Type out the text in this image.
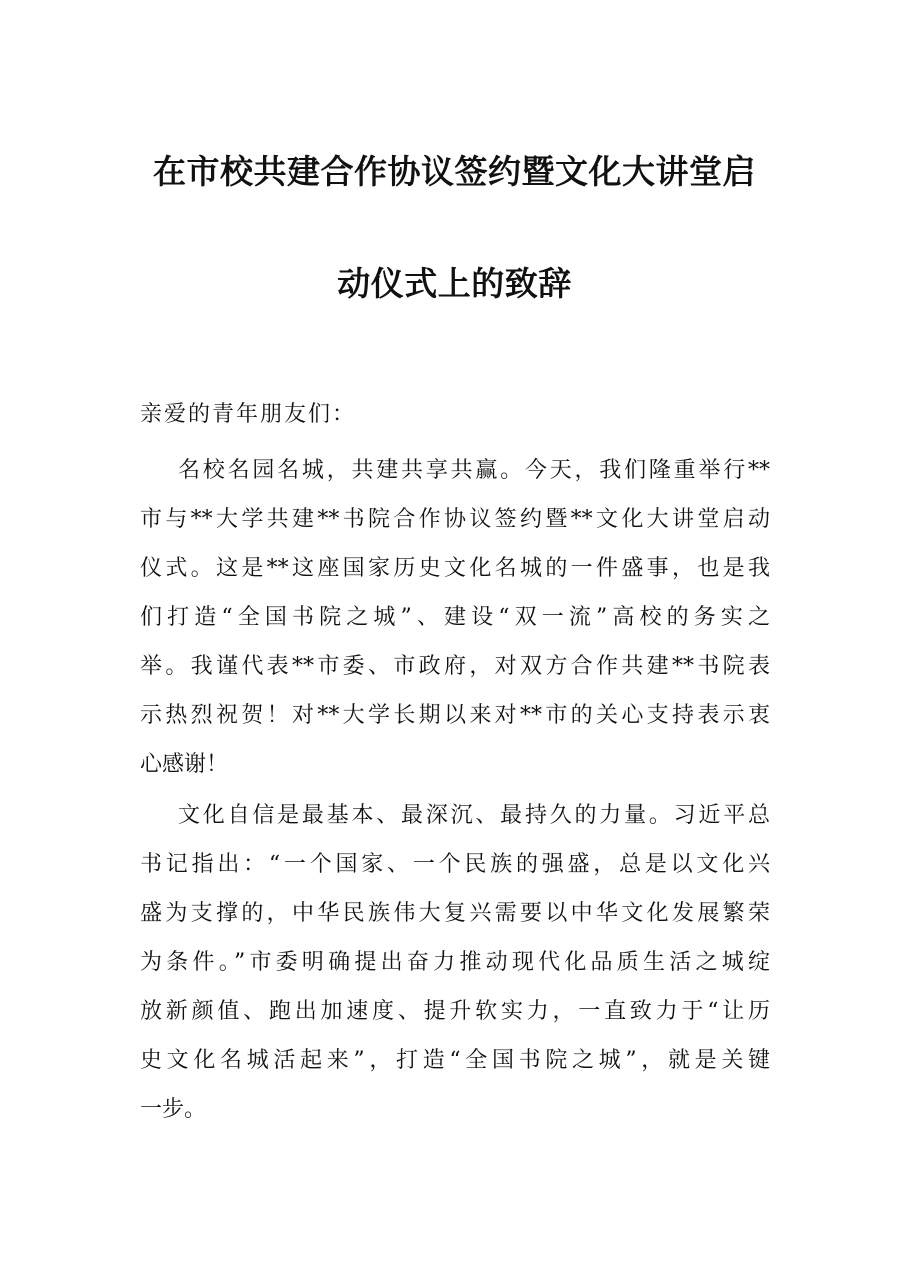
在市校共建合作协议签约暨文化大讲堂启
动仪式上的致辞
亲爱的青年朋友们：
名校名园名城，共建共享共赢。今天，我们隆重举行**
市与**大学共建**书院合作协议签约暨**文化大讲堂启动
仪式。这是**这座国家历史文化名城的一件盛事，也是我
们打造“全国书院之城”、建设“双一流”高校的务实之
举。我谨代表**市委、市政府，对双方合作共建**书院表
示热烈祝贺！对**大学长期以来对**市的关心支持表示衷
心感谢！
文化自信是最基本、最深沉、最持久的力量。习近平总
书记指出：“一个国家、一个民族的强盛，总是以文化兴
盛为支撑的，中华民族伟大复兴需要以中华文化发展繁荣
为条件。”市委明确提出奋力推动现代化品质生活之城绽
放新颜值、跑出加速度、提升软实力，一直致力于“让历
史文化名城活起来”，打造“全国书院之城”，就是关键
一步。
